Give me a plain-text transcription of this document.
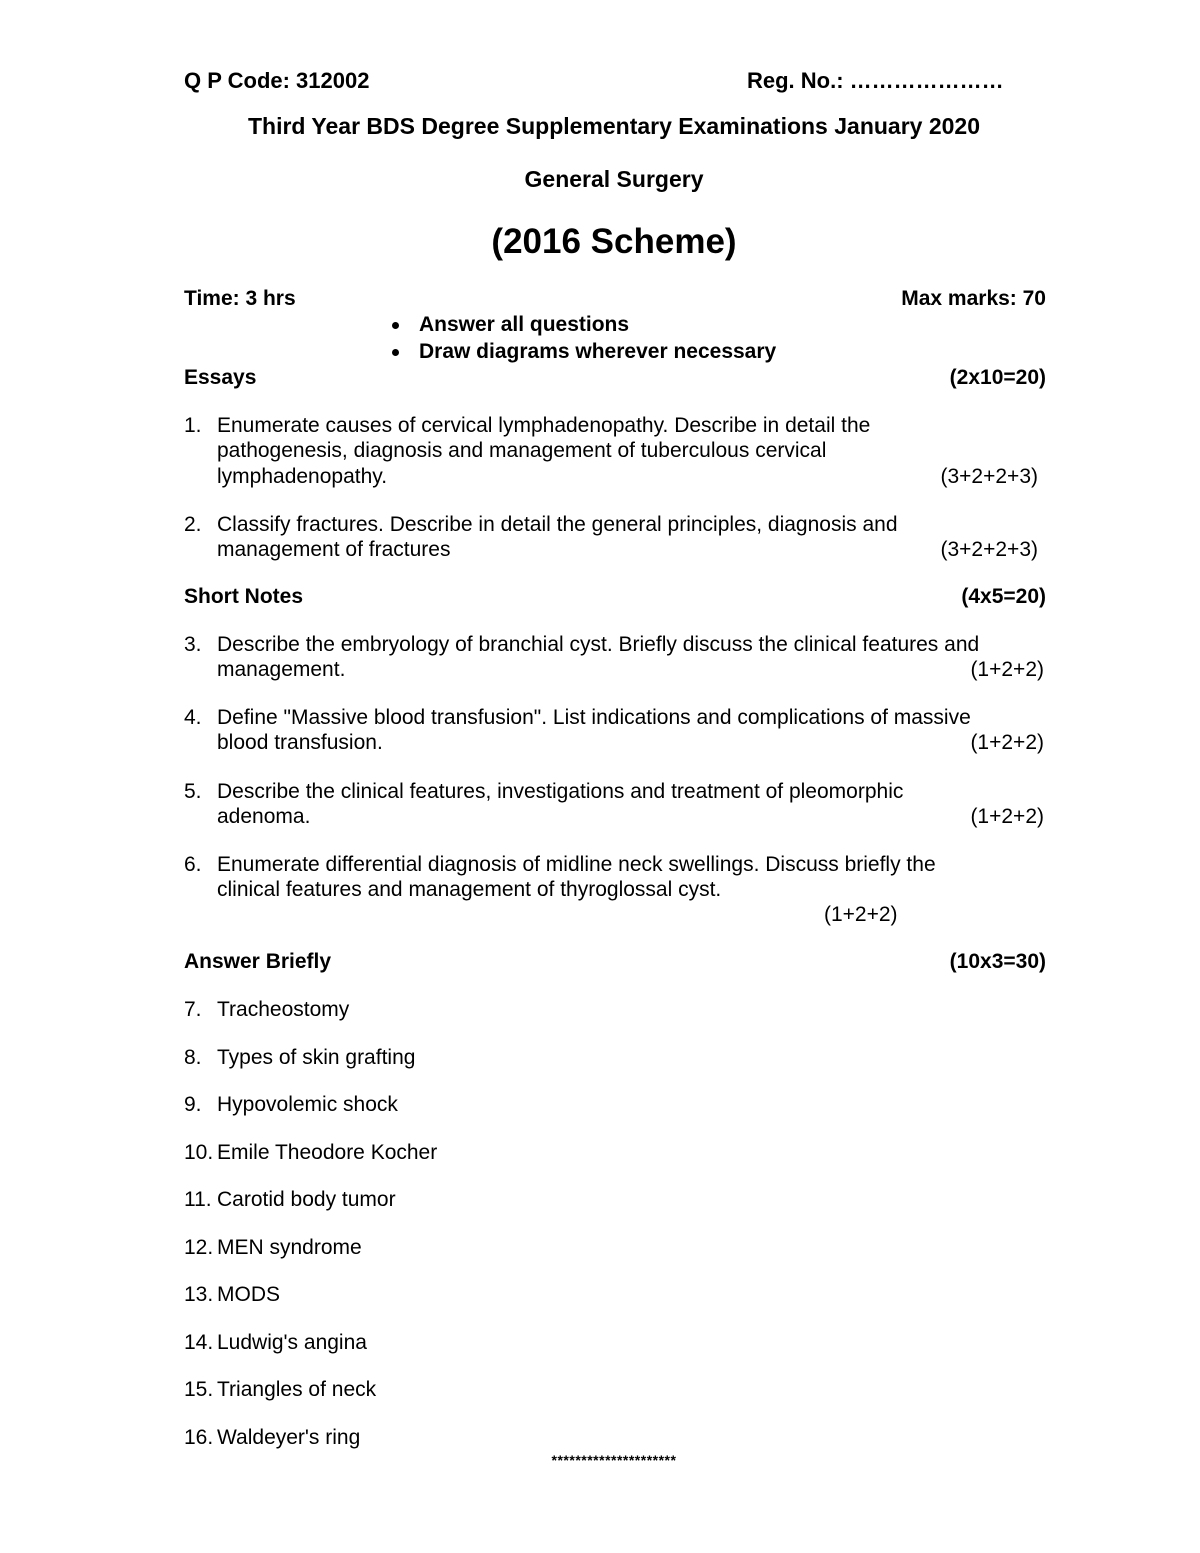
Q P Code: 312002	Reg. No.: …………………
Third Year BDS Degree Supplementary Examinations January 2020
General Surgery
(2016 Scheme)
Time: 3 hrs	Max marks: 70
Answer all questions
Draw diagrams wherever necessary
Essays	(2x10=20)
1. Enumerate causes of cervical lymphadenopathy. Describe in detail the
pathogenesis, diagnosis and management of tuberculous cervical
lymphadenopathy.	(3+2+2+3)
2. Classify fractures. Describe in detail the general principles, diagnosis and
management of fractures	(3+2+2+3)
Short Notes	(4x5=20)
3. Describe the embryology of branchial cyst. Briefly discuss the clinical features and
management.	(1+2+2)
4. Define "Massive blood transfusion". List indications and complications of massive
blood transfusion.	(1+2+2)
5. Describe the clinical features, investigations and treatment of pleomorphic
adenoma.	(1+2+2)
6. Enumerate differential diagnosis of midline neck swellings. Discuss briefly the
clinical features and management of thyroglossal cyst.
(1+2+2)
Answer Briefly	(10x3=30)
7. Tracheostomy
8. Types of skin grafting
9. Hypovolemic shock
10. Emile Theodore Kocher
11. Carotid body tumor
12. MEN syndrome
13. MODS
14. Ludwig's angina
15. Triangles of neck
16. Waldeyer's ring
*********************
